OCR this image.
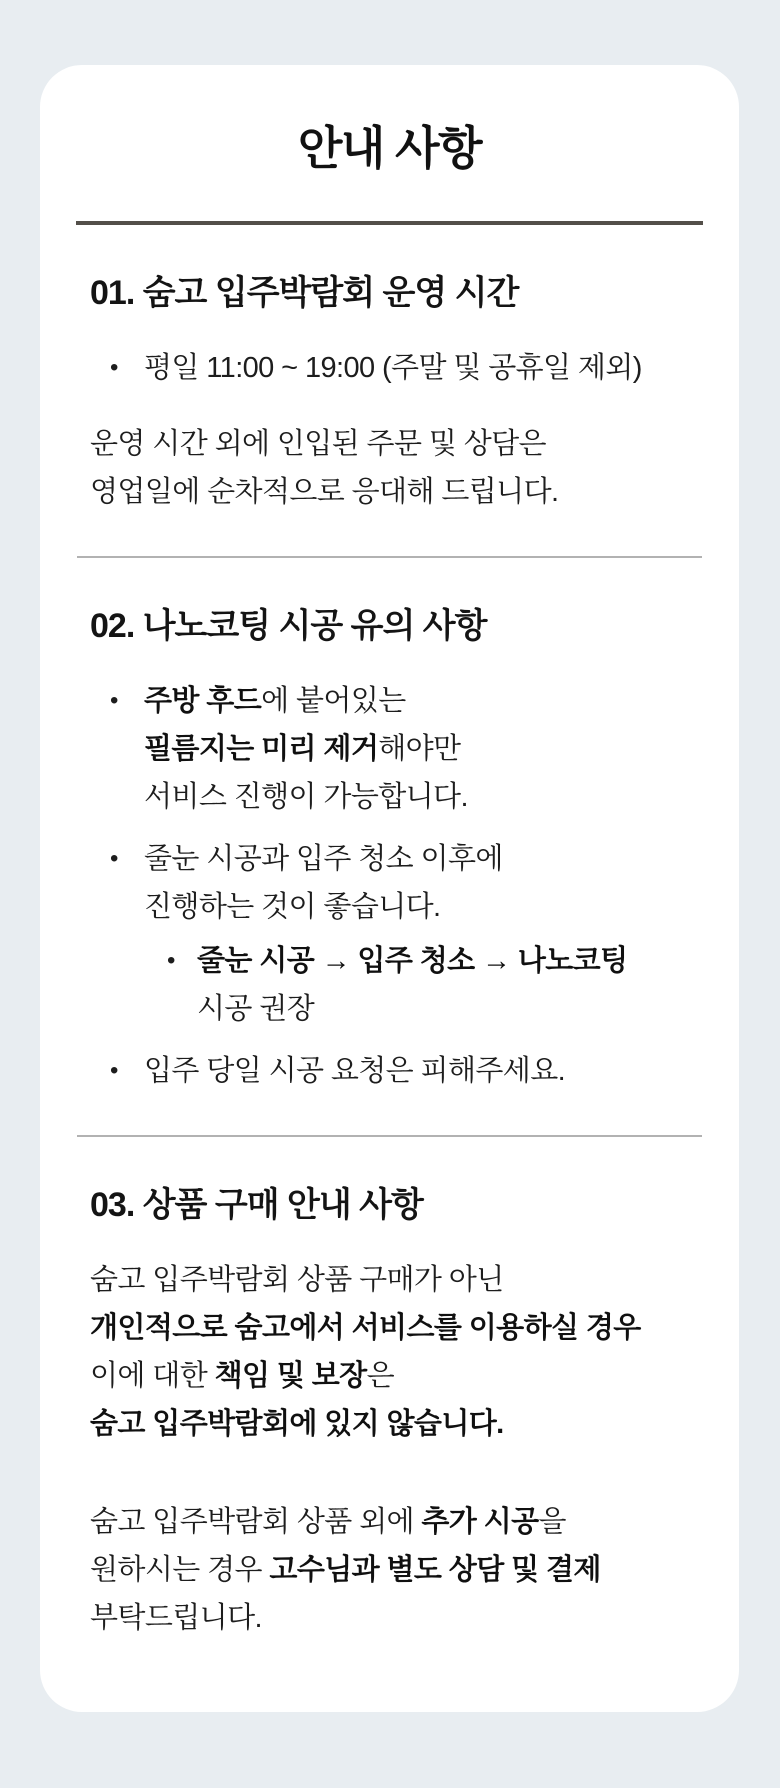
안내 사항
01. 숨고 입주박람회 운영 시간
• 평일 11:00 ~ 19:00 (주말 및 공휴일 제외)
운영 시간 외에 인입된 주문 및 상담은
영업일에 순차적으로 응대해 드립니다.
02. 나노코팅 시공 유의 사항
• 주방 후드에 붙어있는
필름지는 미리 제거해야만
서비스 진행이 가능합니다.
• 줄눈 시공과 입주 청소 이후에
진행하는 것이 좋습니다.
• 줄눈 시공 → 입주 청소 → 나노코팅
시공 권장
• 입주 당일 시공 요청은 피해주세요.
03. 상품 구매 안내 사항
숨고 입주박람회 상품 구매가 아닌
개인적으로 숨고에서 서비스를 이용하실 경우
이에 대한 책임 및 보장은
숨고 입주박람회에 있지 않습니다.
숨고 입주박람회 상품 외에 추가 시공을
원하시는 경우 고수님과 별도 상담 및 결제
부탁드립니다.
